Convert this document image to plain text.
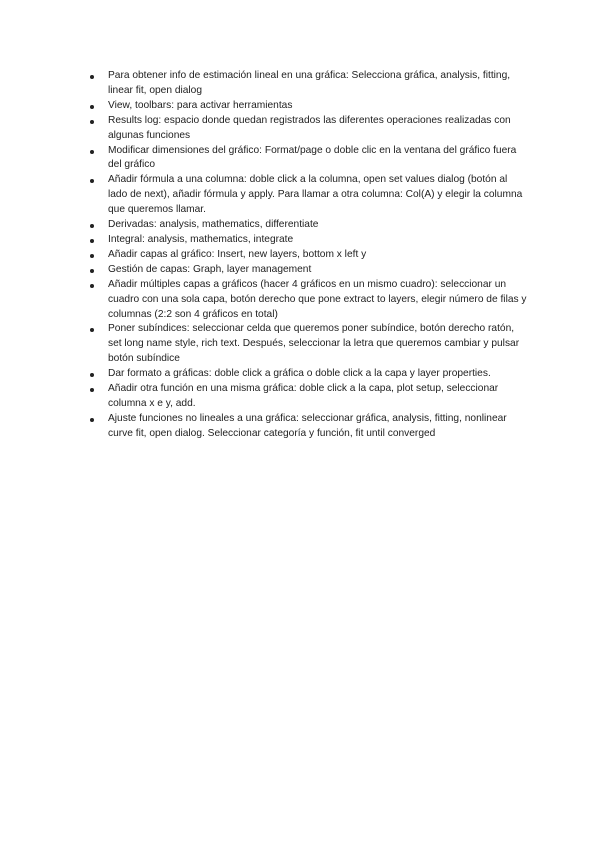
Para obtener info de estimación lineal en una gráfica: Selecciona gráfica, analysis, fitting, linear fit, open dialog
View, toolbars: para activar herramientas
Results log: espacio donde quedan registrados las diferentes operaciones realizadas con algunas funciones
Modificar dimensiones del gráfico: Format/page o doble clic en la ventana del gráfico fuera del gráfico
Añadir fórmula a una columna: doble click a la columna, open set values dialog (botón al lado de next), añadir fórmula y apply. Para llamar a otra columna: Col(A) y elegir la columna que queremos llamar.
Derivadas: analysis, mathematics, differentiate
Integral: analysis, mathematics, integrate
Añadir capas al gráfico: Insert, new layers, bottom x left y
Gestión de capas: Graph, layer management
Añadir múltiples capas a gráficos (hacer 4 gráficos en un mismo cuadro): seleccionar un cuadro con una sola capa, botón derecho que pone extract to layers, elegir número de filas y columnas (2:2 son 4 gráficos en total)
Poner subíndices: seleccionar celda que queremos poner subíndice, botón derecho ratón, set long name style, rich text. Después, seleccionar la letra que queremos cambiar y pulsar botón subíndice
Dar formato a gráficas: doble click a gráfica o doble click a la capa y layer properties.
Añadir otra función en una misma gráfica: doble click a la capa, plot setup, seleccionar columna x e y, add.
Ajuste funciones no lineales a una gráfica: seleccionar gráfica, analysis, fitting, nonlinear curve fit, open dialog. Seleccionar categoría y función, fit until converged
